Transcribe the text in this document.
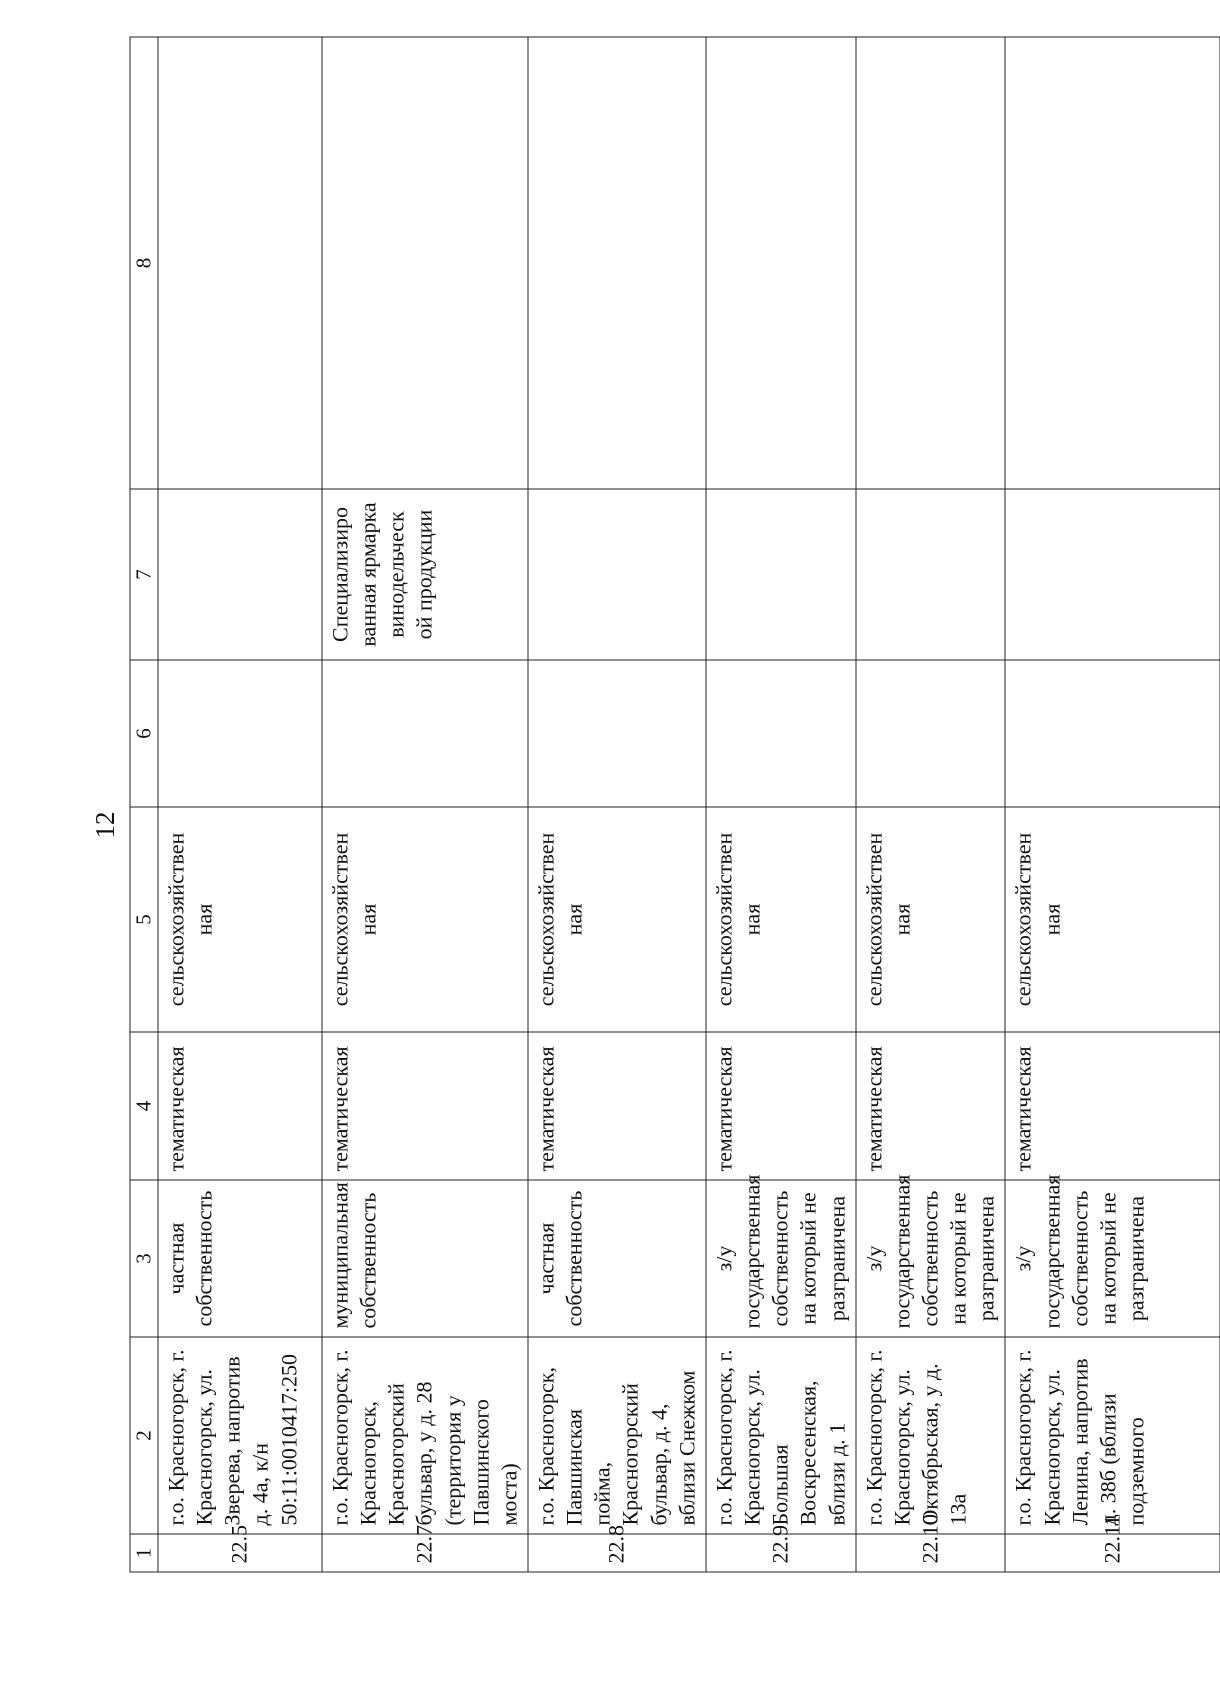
12
1	2	3	4	5	6	7	8
22.5	г.о. Красногорск, г. Красногорск, ул. Зверева, напротив д. 4а, к/н 50:11:0010417:250	частная собственность	тематическая	сельскохозяйствен ная			
22.7	г.о. Красногорск, г. Красногорск, Красногорский бульвар, у д. 28 (территория у Павшинского моста)	муниципальная собственность	тематическая	сельскохозяйствен ная		Специализиро ванная ярмарка винодельческ ой продукции	
22.8	г.о. Красногорск, Павшинская пойма, Красногорский бульвар, д. 4, вблизи Снежком	частная собственность	тематическая	сельскохозяйствен ная			
22.9	г.о. Красногорск, г. Красногорск, ул. Большая Воскресенская, вблизи д. 1	з/у государственная собственность на который не разграничена	тематическая	сельскохозяйствен ная			
22.10	г.о. Красногорск, г. Красногорск, ул. Октябрьская, у д. 13а	з/у государственная собственность на который не разграничена	тематическая	сельскохозяйствен ная			
22.11	г.о. Красногорск, г. Красногорск, ул. Ленина, напротив д. 38б (вблизи подземного	з/у государственная собственность на который не разграничена	тематическая	сельскохозяйствен ная			
